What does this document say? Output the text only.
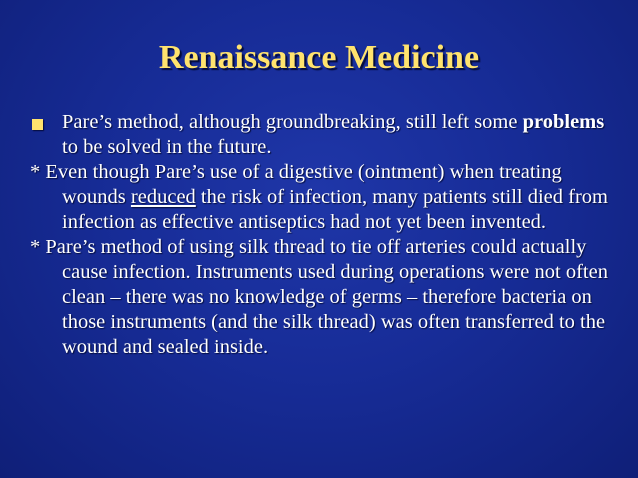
Renaissance Medicine

Pare’s method, although groundbreaking, still left some problems to be solved in the future.

* Even though Pare’s use of a digestive (ointment) when treating wounds reduced the risk of infection, many patients still died from infection as effective antiseptics had not yet been invented.

* Pare’s method of using silk thread to tie off arteries could actually cause infection. Instruments used during operations were not often clean – there was no knowledge of germs – therefore bacteria on those instruments (and the silk thread) was often transferred to the wound and sealed inside.
